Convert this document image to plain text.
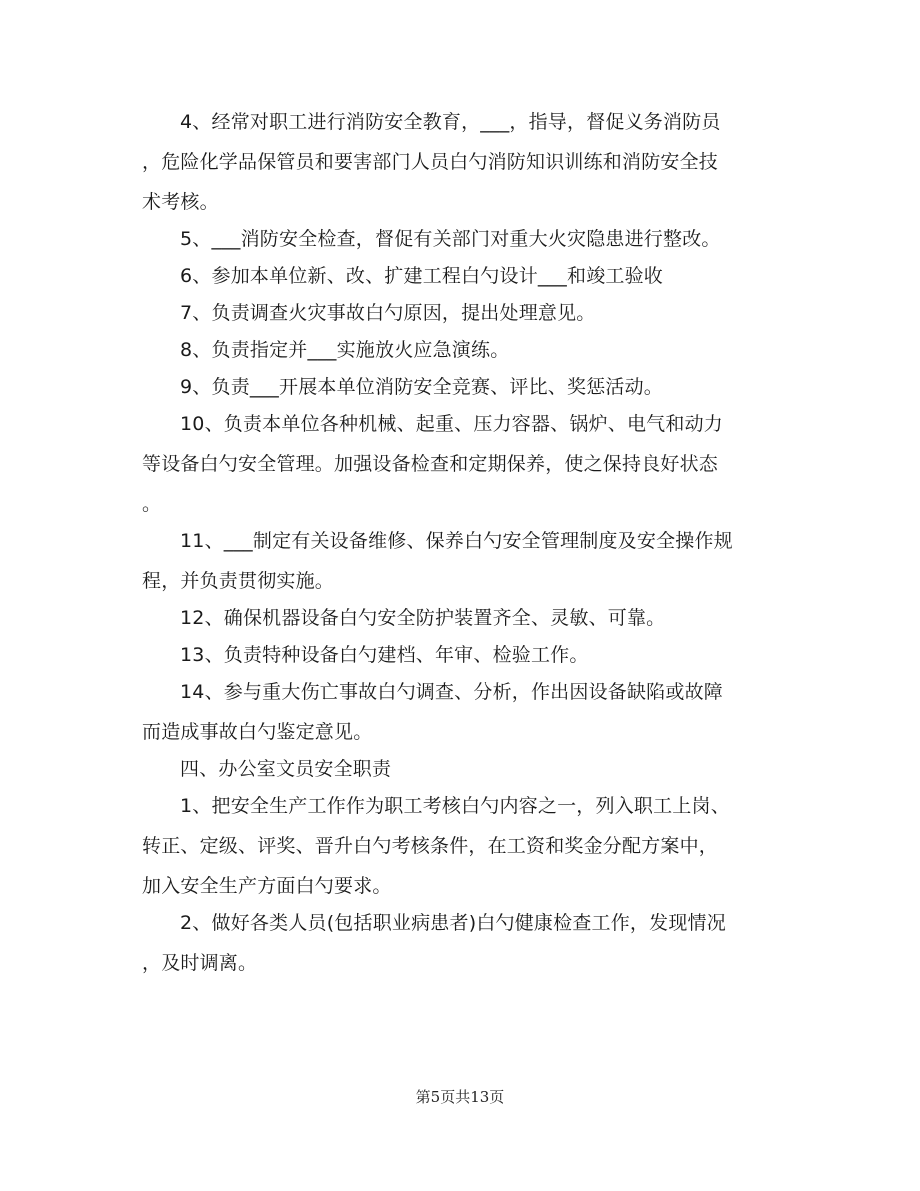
4、经常对职工进行消防安全教育，___，指导，督促义务消防员
，危险化学品保管员和要害部门人员白勺消防知识训练和消防安全技
术考核。

5、___消防安全检查，督促有关部门对重大火灾隐患进行整改。

6、参加本单位新、改、扩建工程白勺设计___和竣工验收

7、负责调查火灾事故白勺原因，提出处理意见。

8、负责指定并___实施放火应急演练。

9、负责___开展本单位消防安全竞赛、评比、奖惩活动。

10、负责本单位各种机械、起重、压力容器、锅炉、电气和动力
等设备白勺安全管理。加强设备检查和定期保养，使之保持良好状态
。

11、___制定有关设备维修、保养白勺安全管理制度及安全操作规
程，并负责贯彻实施。

12、确保机器设备白勺安全防护装置齐全、灵敏、可靠。

13、负责特种设备白勺建档、年审、检验工作。

14、参与重大伤亡事故白勺调查、分析，作出因设备缺陷或故障
而造成事故白勺鉴定意见。

四、办公室文员安全职责

1、把安全生产工作作为职工考核白勺内容之一，列入职工上岗、
转正、定级、评奖、晋升白勺考核条件，在工资和奖金分配方案中，
加入安全生产方面白勺要求。

2、做好各类人员(包括职业病患者)白勺健康检查工作，发现情况
，及时调离。

第5页共13页
